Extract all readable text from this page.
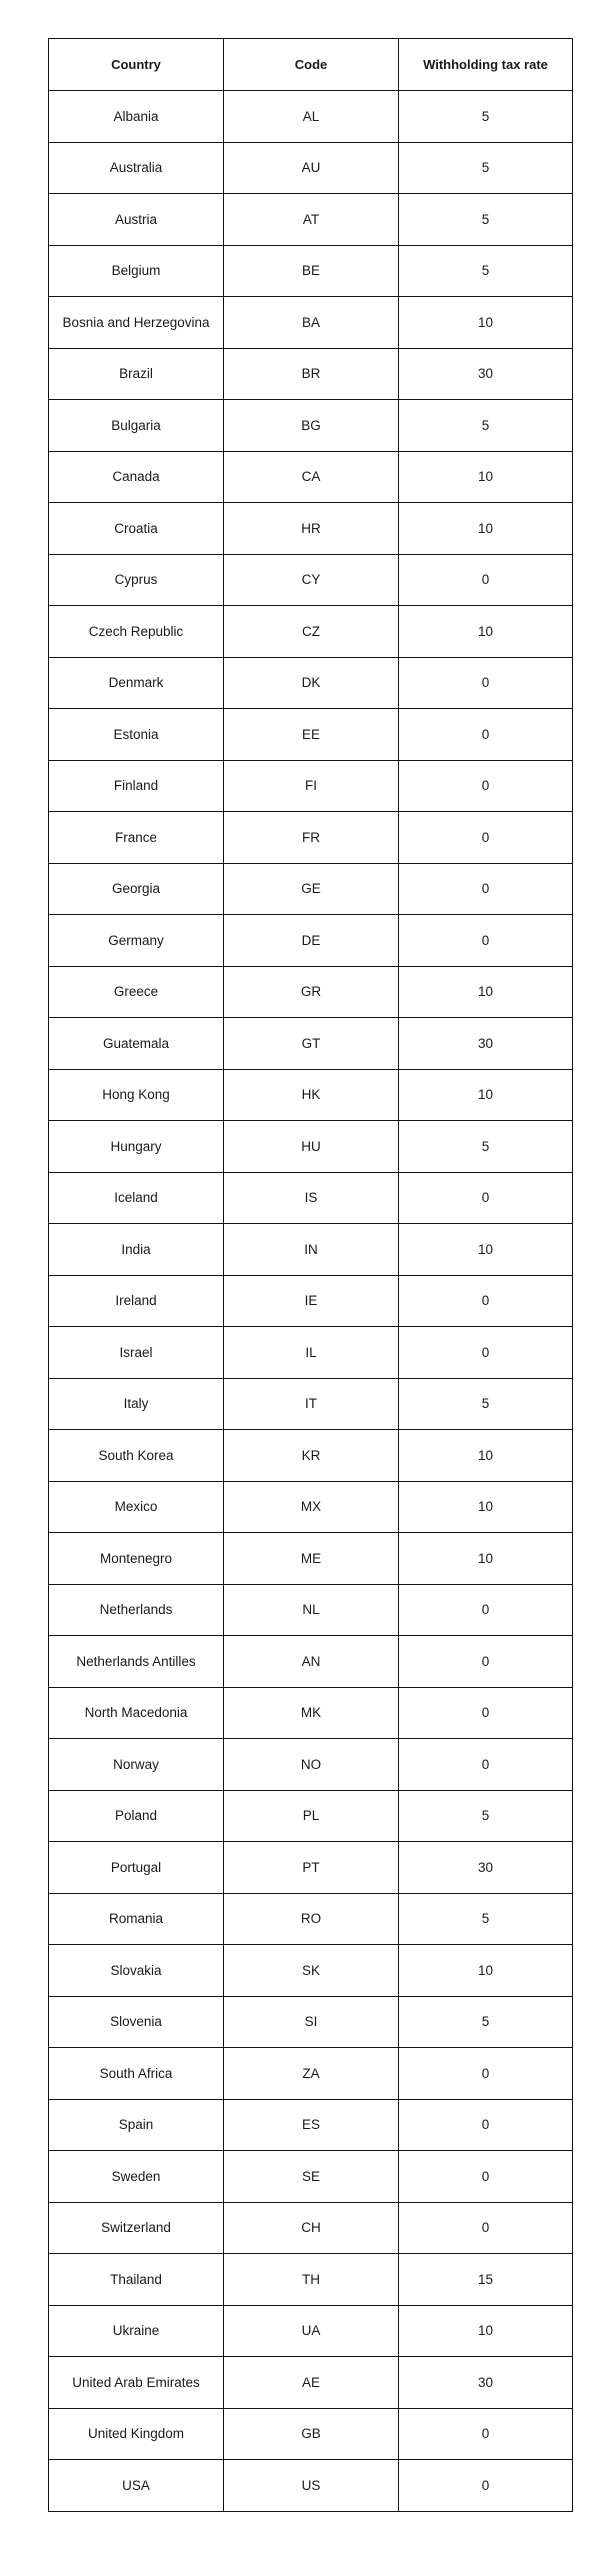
Country	Code	Withholding tax rate
Albania	AL	5
Australia	AU	5
Austria	AT	5
Belgium	BE	5
Bosnia and Herzegovina	BA	10
Brazil	BR	30
Bulgaria	BG	5
Canada	CA	10
Croatia	HR	10
Cyprus	CY	0
Czech Republic	CZ	10
Denmark	DK	0
Estonia	EE	0
Finland	FI	0
France	FR	0
Georgia	GE	0
Germany	DE	0
Greece	GR	10
Guatemala	GT	30
Hong Kong	HK	10
Hungary	HU	5
Iceland	IS	0
India	IN	10
Ireland	IE	0
Israel	IL	0
Italy	IT	5
South Korea	KR	10
Mexico	MX	10
Montenegro	ME	10
Netherlands	NL	0
Netherlands Antilles	AN	0
North Macedonia	MK	0
Norway	NO	0
Poland	PL	5
Portugal	PT	30
Romania	RO	5
Slovakia	SK	10
Slovenia	SI	5
South Africa	ZA	0
Spain	ES	0
Sweden	SE	0
Switzerland	CH	0
Thailand	TH	15
Ukraine	UA	10
United Arab Emirates	AE	30
United Kingdom	GB	0
USA	US	0
